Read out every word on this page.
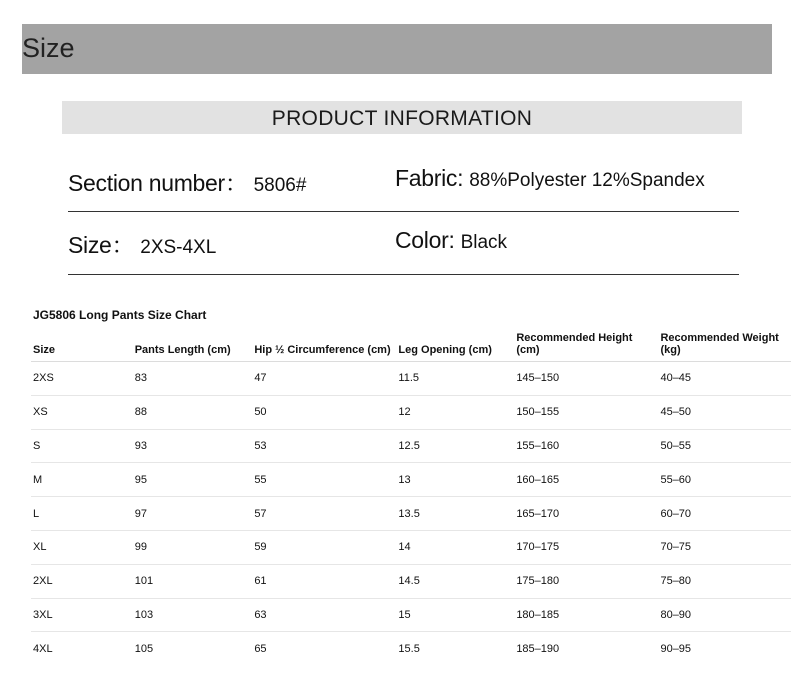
Size
PRODUCT INFORMATION
Section number： 5806#	Fabric: 88%Polyester 12%Spandex
Size： 2XS-4XL	Color: Black
JG5806 Long Pants Size Chart
Size	Pants Length (cm)	Hip ½ Circumference (cm)	Leg Opening (cm)	Recommended Height (cm)	Recommended Weight (kg)
2XS	83	47	11.5	145–150	40–45
XS	88	50	12	150–155	45–50
S	93	53	12.5	155–160	50–55
M	95	55	13	160–165	55–60
L	97	57	13.5	165–170	60–70
XL	99	59	14	170–175	70–75
2XL	101	61	14.5	175–180	75–80
3XL	103	63	15	180–185	80–90
4XL	105	65	15.5	185–190	90–95
